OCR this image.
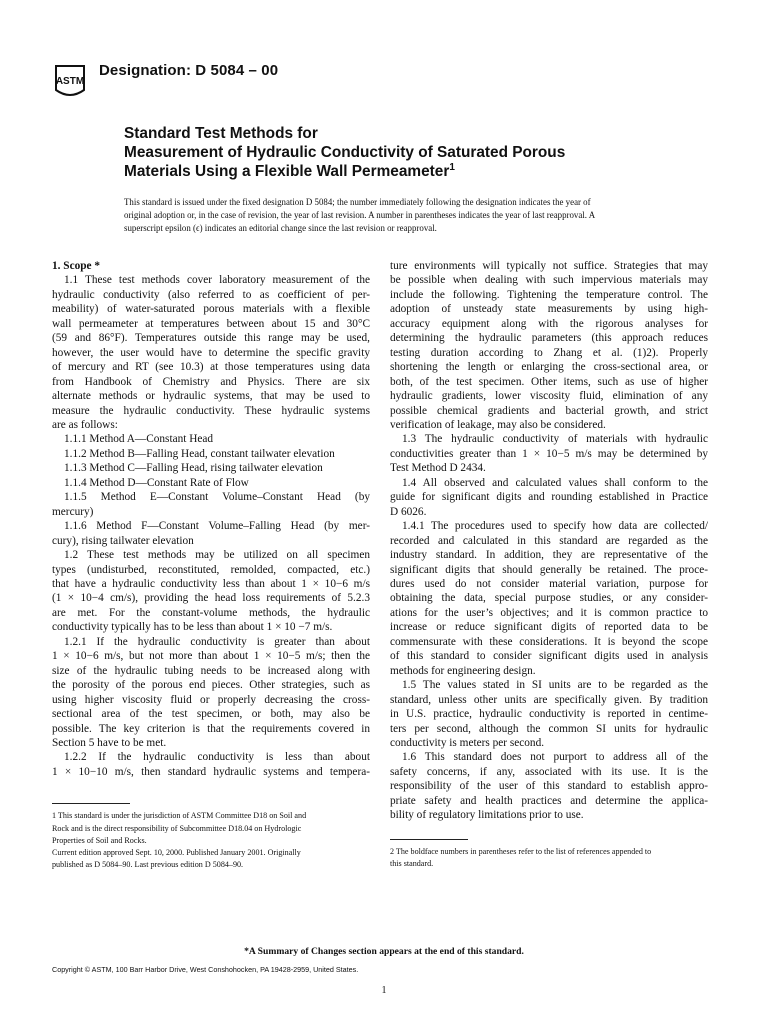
ASTM
Designation: D 5084 – 00
Standard Test Methods for
Measurement of Hydraulic Conductivity of Saturated Porous
Materials Using a Flexible Wall Permeameter$^1$
This standard is issued under the fixed designation D 5084; the number immediately following the designation indicates the year of
original adoption or, in the case of revision, the year of last revision. A number in parentheses indicates the year of last reapproval. A
superscript epsilon (ϵ) indicates an editorial change since the last revision or reapproval.
1. Scope *
1.1 These test methods cover laboratory measurement of the
hydraulic conductivity (also referred to as coefficient of per-
meability) of water-saturated porous materials with a flexible
wall permeameter at temperatures between about 15 and 30°C
(59 and 86°F). Temperatures outside this range may be used,
however, the user would have to determine the specific gravity
of mercury and RT (see 10.3) at those temperatures using data
from Handbook of Chemistry and Physics. There are six
alternate methods or hydraulic systems, that may be used to
measure the hydraulic conductivity. These hydraulic systems
are as follows:
1.1.1 Method A—Constant Head
1.1.2 Method B—Falling Head, constant tailwater elevation
1.1.3 Method C—Falling Head, rising tailwater elevation
1.1.4 Method D—Constant Rate of Flow
1.1.5 Method E—Constant Volume–Constant Head (by
mercury)
1.1.6 Method F—Constant Volume–Falling Head (by mer-
cury), rising tailwater elevation
1.2 These test methods may be utilized on all specimen
types (undisturbed, reconstituted, remolded, compacted, etc.)
that have a hydraulic conductivity less than about 1 × 10−6 m/s
(1 × 10−4 cm/s), providing the head loss requirements of 5.2.3
are met. For the constant-volume methods, the hydraulic
conductivity typically has to be less than about 1 × 10 −7 m/s.
1.2.1 If the hydraulic conductivity is greater than about
1 × 10−6 m/s, but not more than about 1 × 10−5 m/s; then the
size of the hydraulic tubing needs to be increased along with
the porosity of the porous end pieces. Other strategies, such as
using higher viscosity fluid or properly decreasing the cross-
sectional area of the test specimen, or both, may also be
possible. The key criterion is that the requirements covered in
Section 5 have to be met.
1.2.2 If the hydraulic conductivity is less than about
1 × 10−10 m/s, then standard hydraulic systems and tempera-
1 This standard is under the jurisdiction of ASTM Committee D18 on Soil and
Rock and is the direct responsibility of Subcommittee D18.04 on Hydrologic
Properties of Soil and Rocks.
Current edition approved Sept. 10, 2000. Published January 2001. Originally
published as D 5084–90. Last previous edition D 5084–90.
ture environments will typically not suffice. Strategies that may
be possible when dealing with such impervious materials may
include the following. Tightening the temperature control. The
adoption of unsteady state measurements by using high-
accuracy equipment along with the rigorous analyses for
determining the hydraulic parameters (this approach reduces
testing duration according to Zhang et al. (1)2). Properly
shortening the length or enlarging the cross-sectional area, or
both, of the test specimen. Other items, such as use of higher
hydraulic gradients, lower viscosity fluid, elimination of any
possible chemical gradients and bacterial growth, and strict
verification of leakage, may also be considered.
1.3 The hydraulic conductivity of materials with hydraulic
conductivities greater than 1 × 10−5 m/s may be determined by
Test Method D 2434.
1.4 All observed and calculated values shall conform to the
guide for significant digits and rounding established in Practice
D 6026.
1.4.1 The procedures used to specify how data are collected/
recorded and calculated in this standard are regarded as the
industry standard. In addition, they are representative of the
significant digits that should generally be retained. The proce-
dures used do not consider material variation, purpose for
obtaining the data, special purpose studies, or any consider-
ations for the user’s objectives; and it is common practice to
increase or reduce significant digits of reported data to be
commensurate with these considerations. It is beyond the scope
of this standard to consider significant digits used in analysis
methods for engineering design.
1.5 The values stated in SI units are to be regarded as the
standard, unless other units are specifically given. By tradition
in U.S. practice, hydraulic conductivity is reported in centime-
ters per second, although the common SI units for hydraulic
conductivity is meters per second.
1.6 This standard does not purport to address all of the
safety concerns, if any, associated with its use. It is the
responsibility of the user of this standard to establish appro-
priate safety and health practices and determine the applica-
bility of regulatory limitations prior to use.
2 The boldface numbers in parentheses refer to the list of references appended to
this standard.
*A Summary of Changes section appears at the end of this standard.
Copyright © ASTM, 100 Barr Harbor Drive, West Conshohocken, PA 19428-2959, United States.
1
